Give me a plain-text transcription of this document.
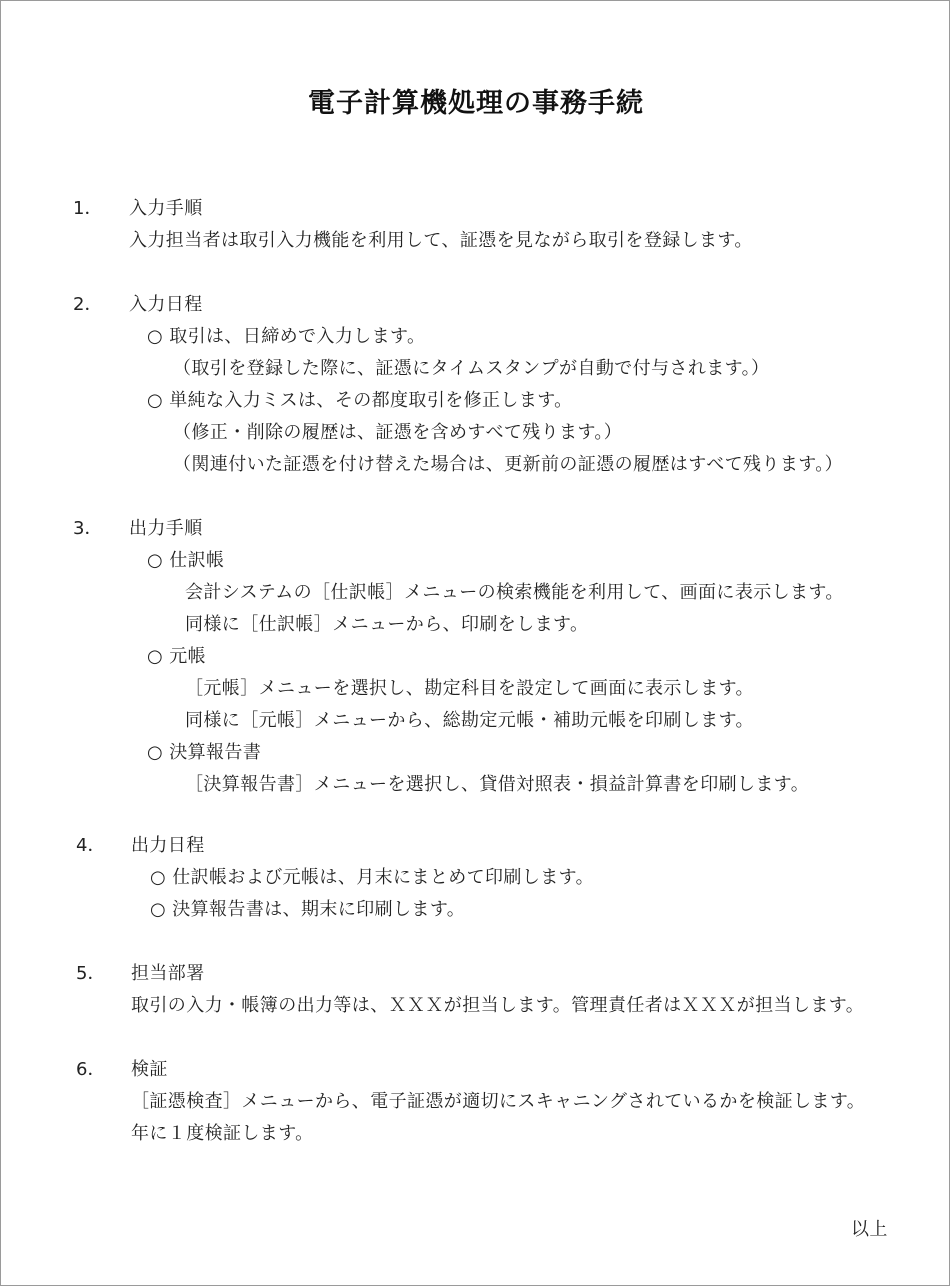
電子計算機処理の事務手続
1． 入力手順
入力担当者は取引入力機能を利用して、証憑を見ながら取引を登録します。
2． 入力日程
○ 取引は、日締めで入力します。
（取引を登録した際に、証憑にタイムスタンプが自動で付与されます。）
○ 単純な入力ミスは、その都度取引を修正します。
（修正・削除の履歴は、証憑を含めすべて残ります。）
（関連付いた証憑を付け替えた場合は、更新前の証憑の履歴はすべて残ります。）
3． 出力手順
○ 仕訳帳
会計システムの［仕訳帳］メニューの検索機能を利用して、画面に表示します。
同様に［仕訳帳］メニューから、印刷をします。
○ 元帳
［元帳］メニューを選択し、勘定科目を設定して画面に表示します。
同様に［元帳］メニューから、総勘定元帳・補助元帳を印刷します。
○ 決算報告書
［決算報告書］メニューを選択し、貸借対照表・損益計算書を印刷します。
4． 出力日程
○ 仕訳帳および元帳は、月末にまとめて印刷します。
○ 決算報告書は、期末に印刷します。
5． 担当部署
取引の入力・帳簿の出力等は、ＸＸＸが担当します。管理責任者はＸＸＸが担当します。
6． 検証
［証憑検査］メニューから、電子証憑が適切にスキャニングされているかを検証します。
年に１度検証します。
以上
